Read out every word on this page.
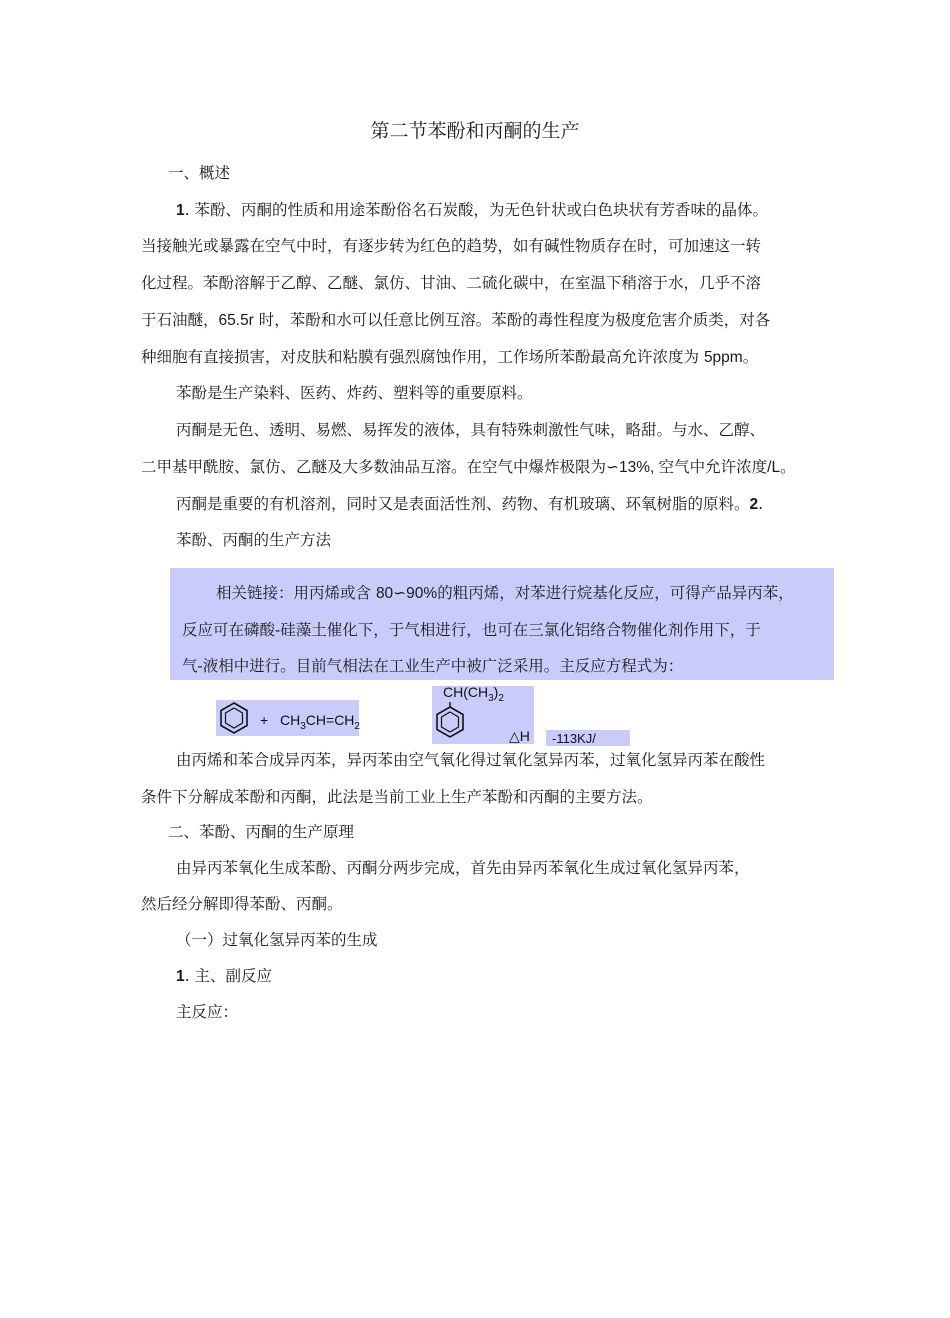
第二节苯酚和丙酮的生产
一、概述
1. 苯酚、丙酮的性质和用途苯酚俗名石炭酸，为无色针状或白色块状有芳香味的晶体。
当接触光或暴露在空气中时，有逐步转为红色的趋势，如有碱性物质存在时，可加速这一转
化过程。苯酚溶解于乙醇、乙醚、氯仿、甘油、二硫化碳中，在室温下稍溶于水，几乎不溶
于石油醚，65.5r 时，苯酚和水可以任意比例互溶。苯酚的毒性程度为极度危害介质类，对各
种细胞有直接损害，对皮肤和粘膜有强烈腐蚀作用，工作场所苯酚最高允许浓度为 5ppm。
苯酚是生产染料、医药、炸药、塑料等的重要原料。
丙酮是无色、透明、易燃、易挥发的液体，具有特殊刺激性气味，略甜。与水、乙醇、
二甲基甲酰胺、氯仿、乙醚及大多数油品互溶。在空气中爆炸极限为∽13%, 空气中允许浓度/L。
丙酮是重要的有机溶剂，同时又是表面活性剂、药物、有机玻璃、环氧树脂的原料。2.
苯酚、丙酮的生产方法
相关链接：用丙烯或含 80∽90%的粗丙烯，对苯进行烷基化反应，可得产品异丙苯，
反应可在磷酸-硅藻土催化下，于气相进行，也可在三氯化铝络合物催化剂作用下，于
气-液相中进行。目前气相法在工业生产中被广泛采用。主反应方程式为：
+ $CH_3CH=CH_2$
$CH(CH_3)_2$
△H -113KJ/
由丙烯和苯合成异丙苯，异丙苯由空气氧化得过氧化氢异丙苯，过氧化氢异丙苯在酸性
条件下分解成苯酚和丙酮，此法是当前工业上生产苯酚和丙酮的主要方法。
二、苯酚、丙酮的生产原理
由异丙苯氧化生成苯酚、丙酮分两步完成，首先由异丙苯氧化生成过氧化氢异丙苯，
然后经分解即得苯酚、丙酮。
（一）过氧化氢异丙苯的生成
1. 主、副反应
主反应：
